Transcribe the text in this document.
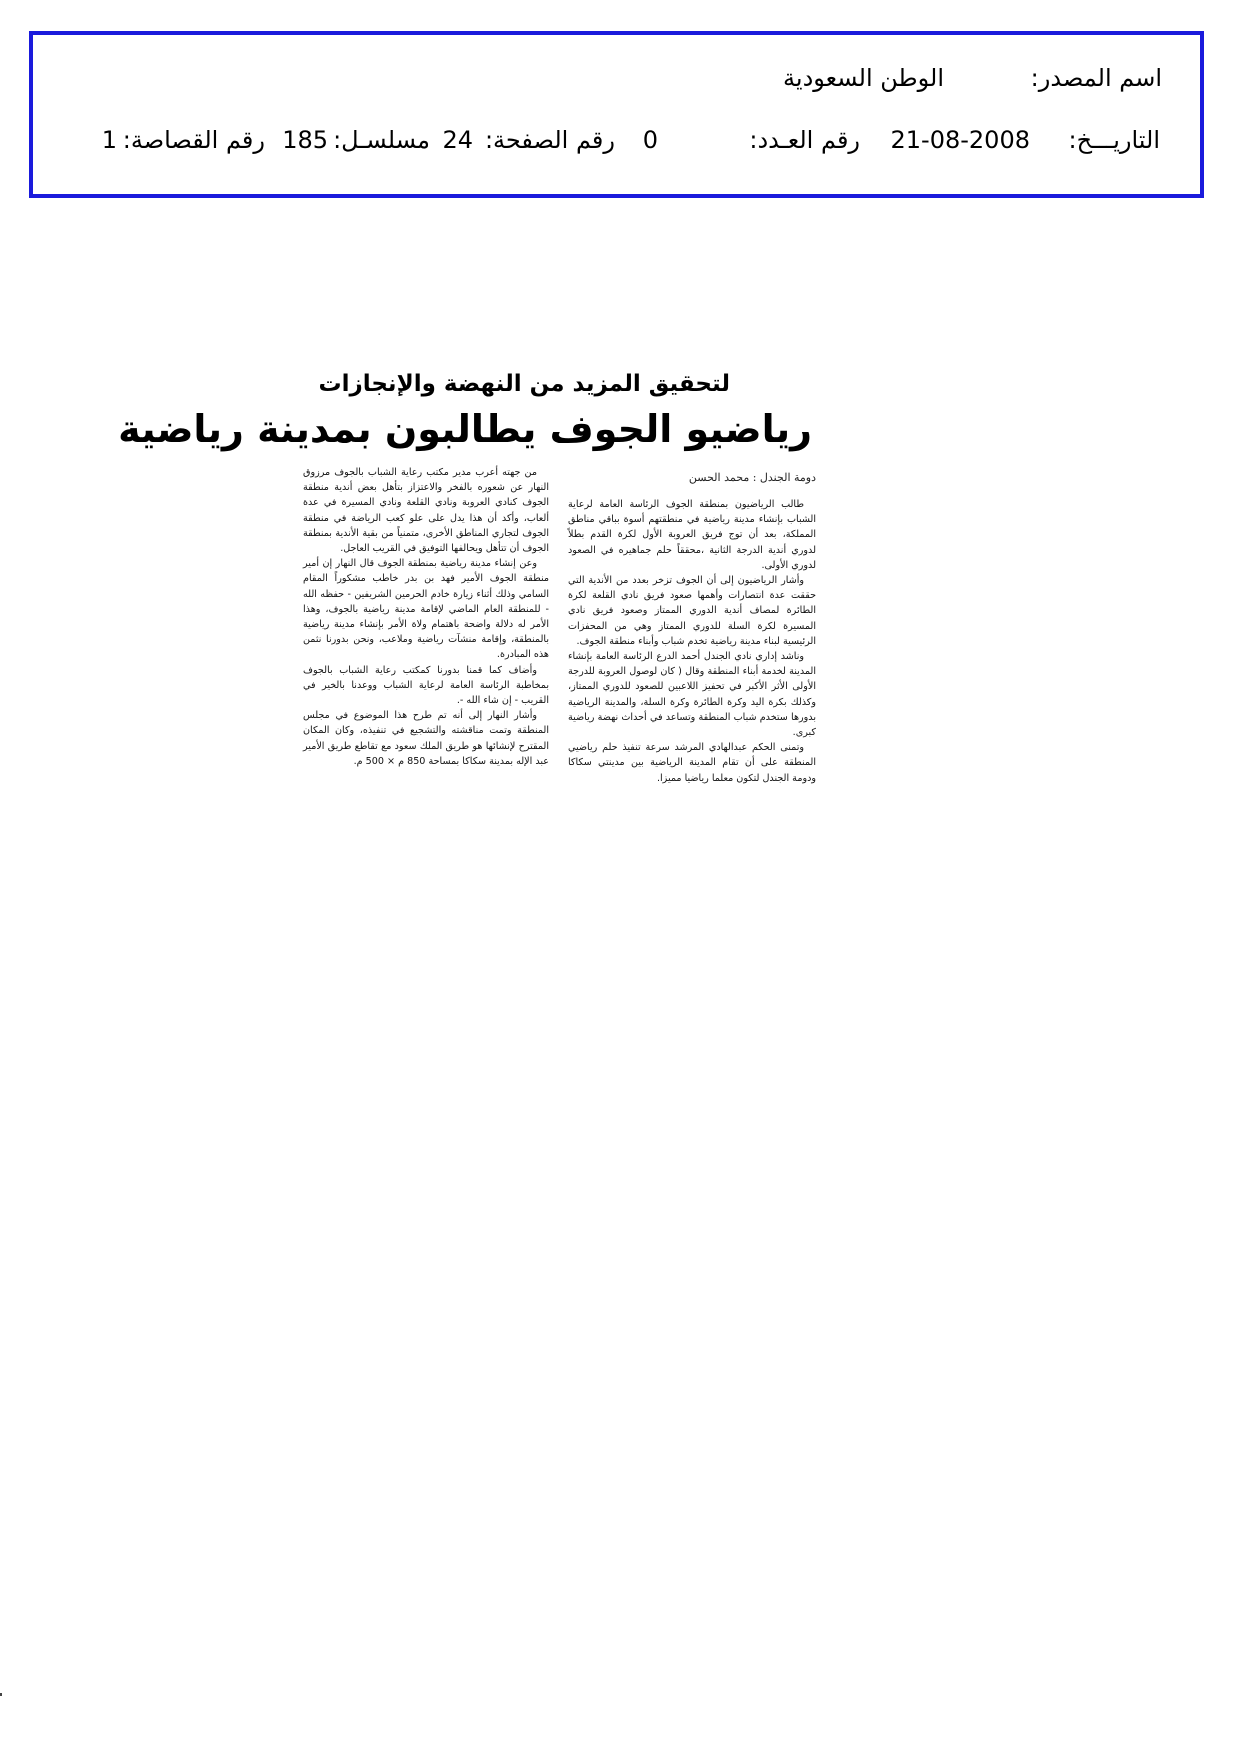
اسم المصدر:
الوطن السعودية
التاريـــخ:
21-08-2008
رقم العـدد:
0
رقم الصفحة:
24
مسلسـل:
185
رقم القصاصة:
1
لتحقيق المزيد من النهضة والإنجازات
رياضيو الجوف يطالبون بمدينة رياضية
دومة الجندل : محمد الحسن

طالب الرياضيون بمنطقة الجوف الرئاسة العامة لرعاية الشباب بإنشاء مدينة رياضية في منطقتهم أسوة بباقي مناطق المملكة، بعد أن توج فريق العروبة الأول لكرة القدم بطلاً لدوري أندية الدرجة الثانية ،محققاً حلم جماهيره في الصعود لدوري الأولى.

وأشار الرياضيون إلى أن الجوف تزخر بعدد من الأندية التي حققت عدة انتصارات وأهمها صعود فريق نادي القلعة لكرة الطائرة لمصاف أندية الدوري الممتاز وصعود فريق نادي المسيرة لكرة السلة للدوري الممتاز وهي من المحفزات الرئيسية لبناء مدينة رياضية تخدم شباب وأبناء منطقة الجوف.

وناشد إداري نادي الجندل أحمد الدرع الرئاسة العامة بإنشاء المدينة لخدمة أبناء المنطقة وقال ( كان لوصول العروبة للدرجة الأولى الأثر الأكبر في تحفيز اللاعبين للصعود للدوري الممتاز، وكذلك بكرة اليد وكرة الطائرة وكرة السلة، والمدينة الرياضية بدورها ستخدم شباب المنطقة وتساعد في أحداث نهضة رياضية كبرى.

وتمنى الحكم عبدالهادي المرشد سرعة تنفيذ حلم رياضيي المنطقة على أن تقام المدينة الرياضية بين مدينتي سكاكا ودومة الجندل لتكون معلما رياضيا مميزا.

من جهته أعرب مدير مكتب رعاية الشباب بالجوف مرزوق النهار عن شعوره بالفخر والاعتزاز بتأهل بعض أندية منطقة الجوف كنادي العروبة ونادي القلعة ونادي المسيرة في عدة ألعاب، وأكد أن هذا يدل على علو كعب الرياضة في منطقة الجوف لتجاري المناطق الأخرى، متمنياً من بقية الأندية بمنطقة الجوف أن تتأهل ويحالفها التوفيق في القريب العاجل.

وعن إنشاء مدينة رياضية بمنطقة الجوف قال النهار إن أمير منطقة الجوف الأمير فهد بن بدر خاطب مشكوراً المقام السامي وذلك أثناء زيارة خادم الحرمين الشريفين - حفظه الله - للمنطقة العام الماضي لإقامة مدينة رياضية بالجوف، وهذا الأمر له دلالة واضحة باهتمام ولاة الأمر بإنشاء مدينة رياضية بالمنطقة، وإقامة منشآت رياضية وملاعب، ونحن بدورنا نثمن هذه المبادرة.

وأضاف كما قمنا بدورنا كمكتب رعاية الشباب بالجوف بمخاطبة الرئاسة العامة لرعاية الشباب ووعدنا بالخير في القريب - إن شاء الله -.

وأشار النهار إلى أنه تم طرح هذا الموضوع في مجلس المنطقة وتمت مناقشته والتشجيع في تنفيذه، وكان المكان المقترح لإنشائها هو طريق الملك سعود مع تقاطع طريق الأمير عبد الإله بمدينة سكاكا بمساحة 850 م × 500 م.
